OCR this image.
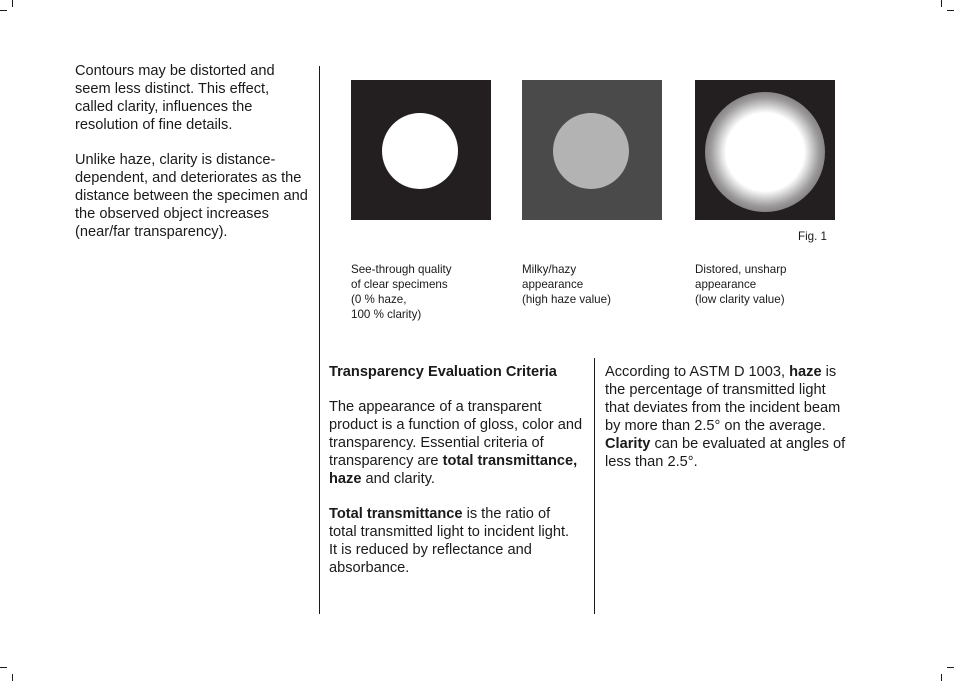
Contours may be distorted and seem less distinct. This effect, called clarity, influences the resolution of fine details.

Unlike haze, clarity is distance-dependent, and deteriorates as the distance between the specimen and the observed object increases (near/far transparency).	Fig. 1

See-through quality
of clear specimens
(0 % haze,
100 % clarity)

Milky/hazy
appearance
(high haze value)

Distored, unsharp
appearance
(low clarity value)

Transparency Evaluation Criteria

The appearance of a transparent product is a function of gloss, color and transparency. Essential criteria of transparency are total transmittance, haze and clarity.

Total transmittance is the ratio of total transmitted light to incident light. It is reduced by reflectance and absorbance.

According to ASTM D 1003, haze is the percentage of transmitted light that deviates from the incident beam by more than 2.5° on the average. Clarity can be evaluated at angles of less than 2.5°.
